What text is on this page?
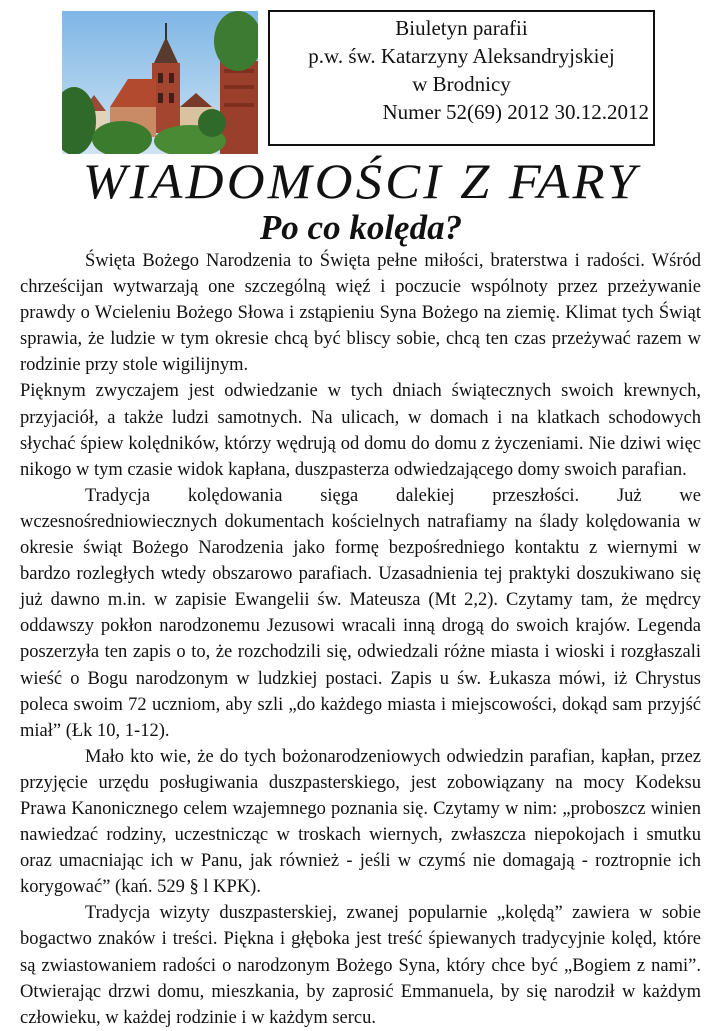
Biuletyn parafii
p.w. św. Katarzyny Aleksandryjskiej
w Brodnicy
Numer 52(69) 2012 30.12.2012
WIADOMOŚCI Z FARY
Po co kolęda?

Święta Bożego Narodzenia to Święta pełne miłości, braterstwa i radości. Wśród chrześcijan wytwarzają one szczególną więź i poczucie wspólnoty przez przeżywanie prawdy o Wcieleniu Bożego Słowa i zstąpieniu Syna Bożego na ziemię. Klimat tych Świąt sprawia, że ludzie w tym okresie chcą być bliscy sobie, chcą ten czas przeżywać razem w rodzinie przy stole wigilijnym.

Pięknym zwyczajem jest odwiedzanie w tych dniach świątecznych swoich krewnych, przyjaciół, a także ludzi samotnych. Na ulicach, w domach i na klatkach schodowych słychać śpiew kolędników, którzy wędrują od domu do domu z życzeniami. Nie dziwi więc nikogo w tym czasie widok kapłana, duszpasterza odwiedzającego domy swoich parafian.

Tradycja kolędowania sięga dalekiej przeszłości. Już we wczesnośredniowiecznych dokumentach kościelnych natrafiamy na ślady kolędowania w okresie świąt Bożego Narodzenia jako formę bezpośredniego kontaktu z wiernymi w bardzo rozległych wtedy obszarowo parafiach. Uzasadnienia tej praktyki doszukiwano się już dawno m.in. w zapisie Ewangelii św. Mateusza (Mt 2,2). Czytamy tam, że mędrcy oddawszy pokłon narodzonemu Jezusowi wracali inną drogą do swoich krajów. Legenda poszerzyła ten zapis o to, że rozchodzili się, odwiedzali różne miasta i wioski i rozgłaszali wieść o Bogu narodzonym w ludzkiej postaci. Zapis u św. Łukasza mówi, iż Chrystus poleca swoim 72 uczniom, aby szli „do każdego miasta i miejscowości, dokąd sam przyjść miał” (Łk 10, 1-12).

Mało kto wie, że do tych bożonarodzeniowych odwiedzin parafian, kapłan, przez przyjęcie urzędu posługiwania duszpasterskiego, jest zobowiązany na mocy Kodeksu Prawa Kanonicznego celem wzajemnego poznania się. Czytamy w nim: „proboszcz winien nawiedzać rodziny, uczestnicząc w troskach wiernych, zwłaszcza niepokojach i smutku oraz umacniając ich w Panu, jak również - jeśli w czymś nie domagają - roztropnie ich korygować” (kań. 529 § l KPK).

Tradycja wizyty duszpasterskiej, zwanej popularnie „kolędą” zawiera w sobie bogactwo znaków i treści. Piękna i głęboka jest treść śpiewanych tradycyjnie kolęd, które są zwiastowaniem radości o narodzonym Bożego Syna, który chce być „Bogiem z nami”. Otwierając drzwi domu, mieszkania, by zaprosić Emmanuela, by się narodził w każdym człowieku, w każdej rodzinie i w każdym sercu.
